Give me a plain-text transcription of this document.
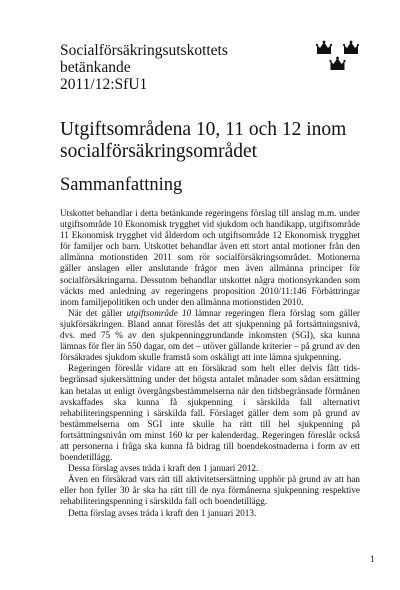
Socialförsäkringsutskottets betänkande
2011/12:SfU1
Utgiftsområdena 10, 11 och 12 inom
socialförsäkringsområdet
Sammanfattning

Utskottet behandlar i detta betänkande regeringens förslag till anslag m.m. under utgiftsområde 10 Ekonomisk trygghet vid sjukdom och handikapp, utgiftsområde 11 Ekonomisk trygghet vid ålderdom och utgiftsområde 12 Ekonomisk trygghet för familjer och barn. Utskottet behandlar även ett stort antal motioner från den allmänna motionstiden 2011 som rör socialförsäkringsområdet. Motionerna gäller anslagen eller anslutande frågor men även allmänna principer för socialförsäkringarna. Dessutom behandlar utskottet några motionsyrkanden som väckts med anledning av regeringens proposition 2010/11:146 Förbättringar inom familjepolitiken och under den allmänna motionstiden 2010.

När det gäller utgiftsområde 10 lämnar regeringen flera förslag som gäller sjukförsäkringen. Bland annat föreslås det att sjukpenning på fortsättningsnivå, dvs. med 75 % av den sjukpenninggrundande inkomsten (SGI), ska kunna lämnas för fler än 550 dagar, om det – utöver gällande kriterier – på grund av den försäkrades sjukdom skulle framstå som oskäligt att inte lämna sjukpenning.

Regeringen föreslår vidare att en försäkrad som helt eller delvis fått tidsbegränsad sjukersättning under det högsta antalet månader som sådan ersättning kan betalas ut enligt övergångsbestämmelserna när den tidsbegränsade förmånen avskaffades ska kunna få sjukpenning i särskilda fall alternativt rehabiliteringspenning i särskilda fall. Förslaget gäller dem som på grund av bestämmelserna om SGI inte skulle ha rätt till hel sjukpenning på fortsättningsnivån om minst 160 kr per kalenderdag. Regeringen föreslår också att personerna i fråga ska kunna få bidrag till boendekostnaderna i form av ett boendetillägg.

Dessa förslag avses träda i kraft den 1 januari 2012.

Även en försäkrad vars rätt till aktivitetsersättning upphör på grund av att han eller hon fyller 30 år ska ha rätt till de nya förmånerna sjukpenning respektive rehabiliteringspenning i särskilda fall och boendetillägg.

Detta förslag avses träda i kraft den 1 januari 2013.

1
